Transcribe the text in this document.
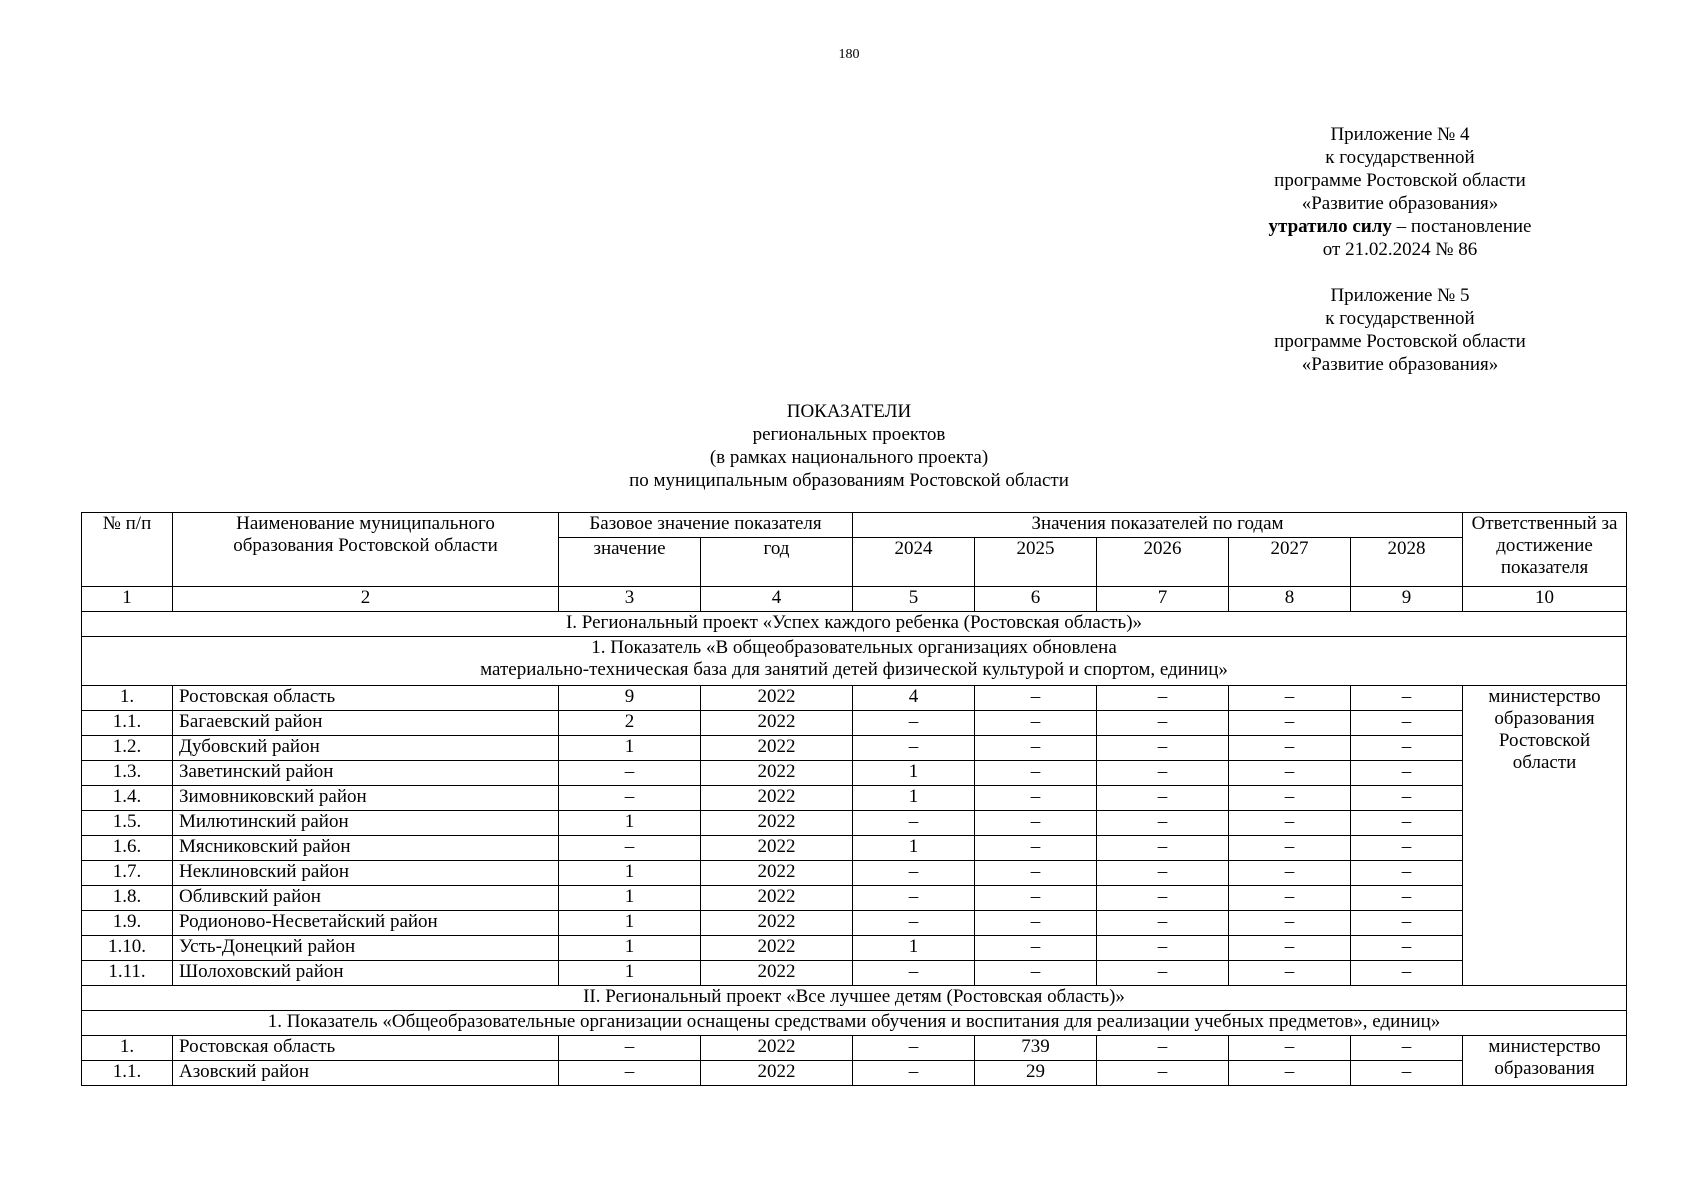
180
Приложение № 4
к государственной
программе Ростовской области
«Развитие образования»
утратило силу – постановление
от 21.02.2024 № 86
Приложение № 5
к государственной
программе Ростовской области
«Развитие образования»
ПОКАЗАТЕЛИ
региональных проектов
(в рамках национального проекта)
по муниципальным образованиям Ростовской области
№ п/п	Наименование муниципального образования Ростовской области	Базовое значение показателя		Значения показателей по годам					Ответственный за достижение показателя
		значение	год	2024	2025	2026	2027	2028	
1	2	3	4	5	6	7	8	9	10
I. Региональный проект «Успех каждого ребенка (Ростовская область)»									

1. Показатель «В общеобразовательных организациях обновлена
материально-техническая база для занятий детей физической культурой и спортом, единиц»									

1.	Ростовская область	9	2022	4	–	–	–	–	министерство образования Ростовской области
1.1.	Багаевский район	2	2022	–	–	–	–	–	
1.2.	Дубовский район	1	2022	–	–	–	–	–	
1.3.	Заветинский район	–	2022	1	–	–	–	–	
1.4.	Зимовниковский район	–	2022	1	–	–	–	–	
1.5.	Милютинский район	1	2022	–	–	–	–	–	
1.6.	Мясниковский район	–	2022	1	–	–	–	–	
1.7.	Неклиновский район	1	2022	–	–	–	–	–	
1.8.	Обливский район	1	2022	–	–	–	–	–	
1.9.	Родионово-Несветайский район	1	2022	–	–	–	–	–	
1.10.	Усть-Донецкий район	1	2022	1	–	–	–	–	
1.11.	Шолоховский район	1	2022	–	–	–	–	–	
II. Региональный проект «Все лучшее детям (Ростовская область)»									
1. Показатель «Общеобразовательные организации оснащены средствами обучения и воспитания для реализации учебных предметов», единиц»									
1.	Ростовская область	–	2022	–	739	–	–	–	министерство
образования

1.1.	Азовский район	–	2022	–	29	–	–	–	
